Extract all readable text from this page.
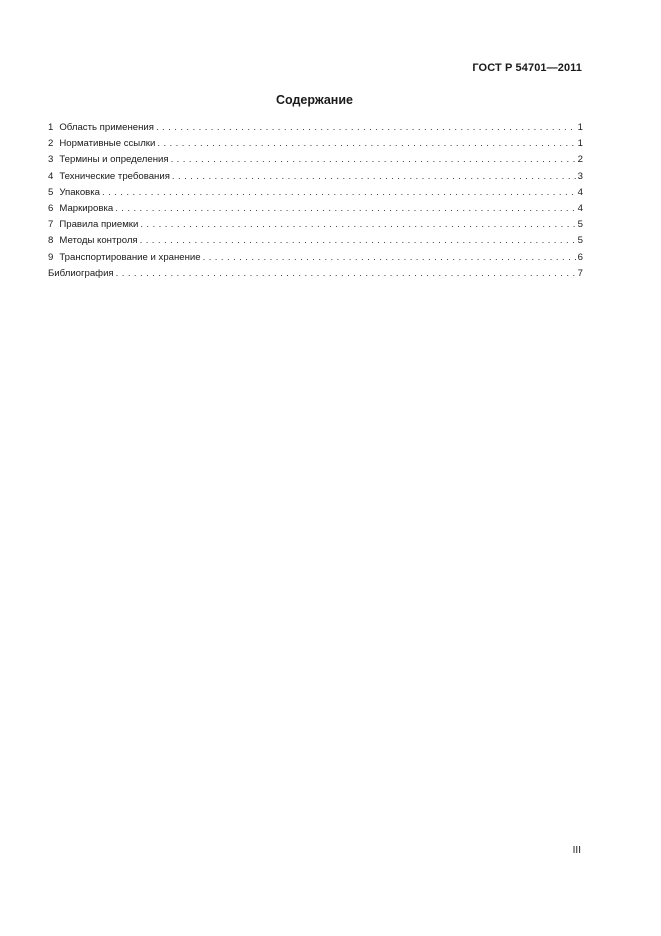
ГОСТ Р 54701—2011
Содержание
1 Область применения . . .	1
2 Нормативные ссылки . . .	1
3 Термины и определения . . .	2
4 Технические требования . . .	3
5 Упаковка . . .	4
6 Маркировка . . .	4
7 Правила приемки . . .	5
8 Методы контроля . . .	5
9 Транспортирование и хранение . . .	6
Библиография . . .	7
III
